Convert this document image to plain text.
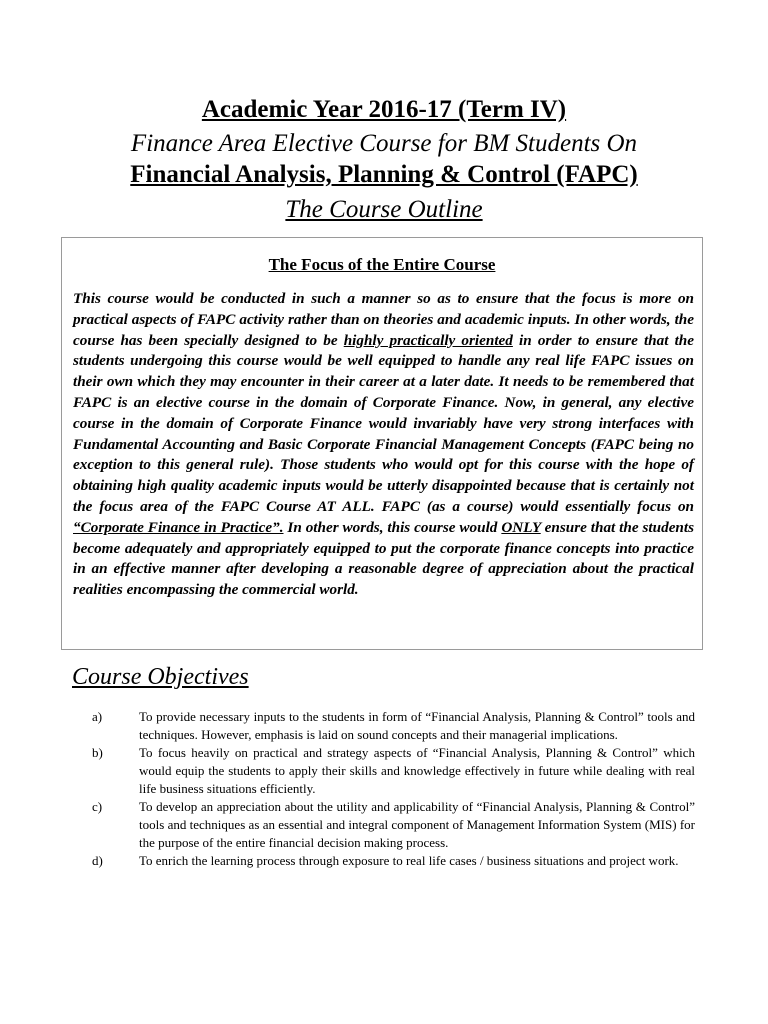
Academic Year 2016-17 (Term IV)
Finance Area Elective Course for BM Students On
Financial Analysis, Planning & Control (FAPC)
The Course Outline
The Focus of the Entire Course

This course would be conducted in such a manner so as to ensure that the focus is more on practical aspects of FAPC activity rather than on theories and academic inputs. In other words, the course has been specially designed to be highly practically oriented in order to ensure that the students undergoing this course would be well equipped to handle any real life FAPC issues on their own which they may encounter in their career at a later date. It needs to be remembered that FAPC is an elective course in the domain of Corporate Finance. Now, in general, any elective course in the domain of Corporate Finance would invariably have very strong interfaces with Fundamental Accounting and Basic Corporate Financial Management Concepts (FAPC being no exception to this general rule). Those students who would opt for this course with the hope of obtaining high quality academic inputs would be utterly disappointed because that is certainly not the focus area of the FAPC Course AT ALL. FAPC (as a course) would essentially focus on “Corporate Finance in Practice”. In other words, this course would ONLY ensure that the students become adequately and appropriately equipped to put the corporate finance concepts into practice in an effective manner after developing a reasonable degree of appreciation about the practical realities encompassing the commercial world.

Course Objectives
a)	To provide necessary inputs to the students in form of “Financial Analysis, Planning & Control” tools and techniques. However, emphasis is laid on sound concepts and their managerial implications.
b)	To focus heavily on practical and strategy aspects of “Financial Analysis, Planning & Control” which would equip the students to apply their skills and knowledge effectively in future while dealing with real life business situations efficiently.
c)	To develop an appreciation about the utility and applicability of “Financial Analysis, Planning & Control” tools and techniques as an essential and integral component of Management Information System (MIS) for the purpose of the entire financial decision making process.
d)	To enrich the learning process through exposure to real life cases / business situations and project work.
